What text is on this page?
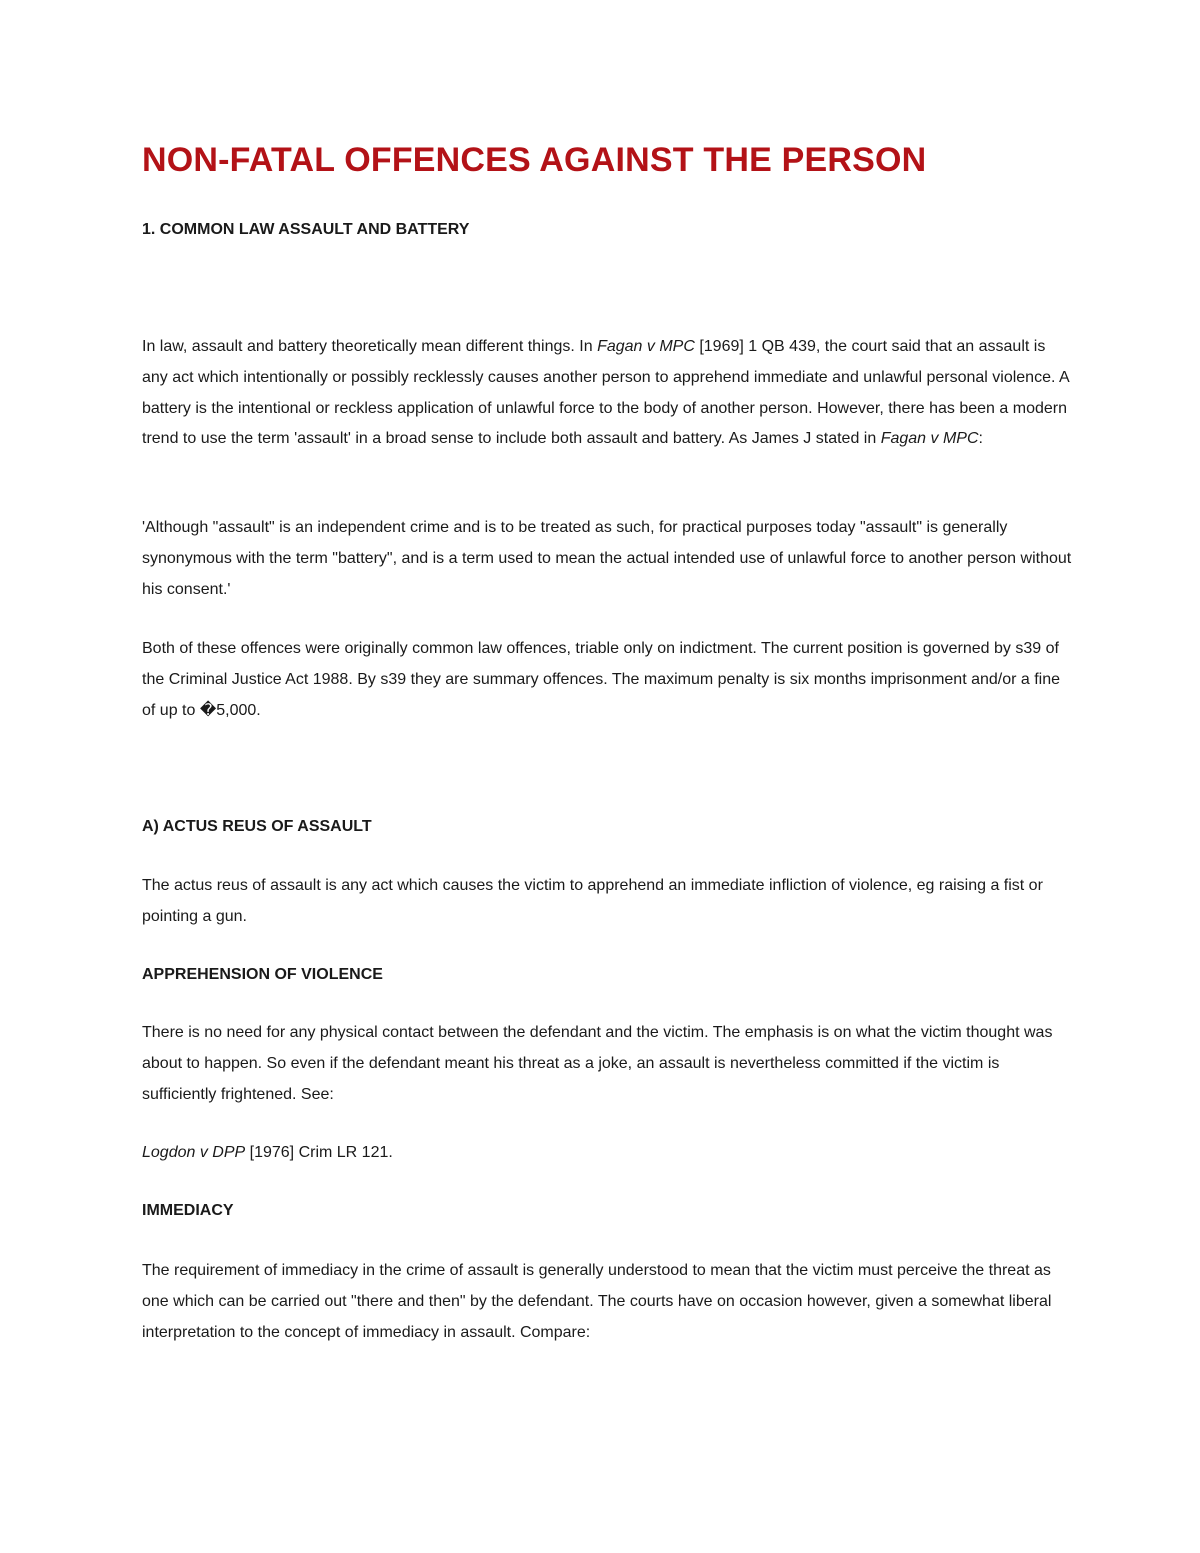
NON-FATAL OFFENCES AGAINST THE PERSON
1. COMMON LAW ASSAULT AND BATTERY

In law, assault and battery theoretically mean different things. In Fagan v MPC [1969] 1 QB 439, the court said that an assault is any act which intentionally or possibly recklessly causes another person to apprehend immediate and unlawful personal violence. A battery is the intentional or reckless application of unlawful force to the body of another person. However, there has been a modern trend to use the term 'assault' in a broad sense to include both assault and battery. As James J stated in Fagan v MPC:

'Although "assault" is an independent crime and is to be treated as such, for practical purposes today "assault" is generally synonymous with the term "battery", and is a term used to mean the actual intended use of unlawful force to another person without his consent.'

Both of these offences were originally common law offences, triable only on indictment. The current position is governed by s39 of the Criminal Justice Act 1988. By s39 they are summary offences. The maximum penalty is six months imprisonment and/or a fine of up to �5,000.

A) ACTUS REUS OF ASSAULT

The actus reus of assault is any act which causes the victim to apprehend an immediate infliction of violence, eg raising a fist or pointing a gun.

APPREHENSION OF VIOLENCE

There is no need for any physical contact between the defendant and the victim. The emphasis is on what the victim thought was about to happen. So even if the defendant meant his threat as a joke, an assault is nevertheless committed if the victim is sufficiently frightened. See:

Logdon v DPP [1976] Crim LR 121.

IMMEDIACY

The requirement of immediacy in the crime of assault is generally understood to mean that the victim must perceive the threat as one which can be carried out "there and then" by the defendant. The courts have on occasion however, given a somewhat liberal interpretation to the concept of immediacy in assault. Compare:
